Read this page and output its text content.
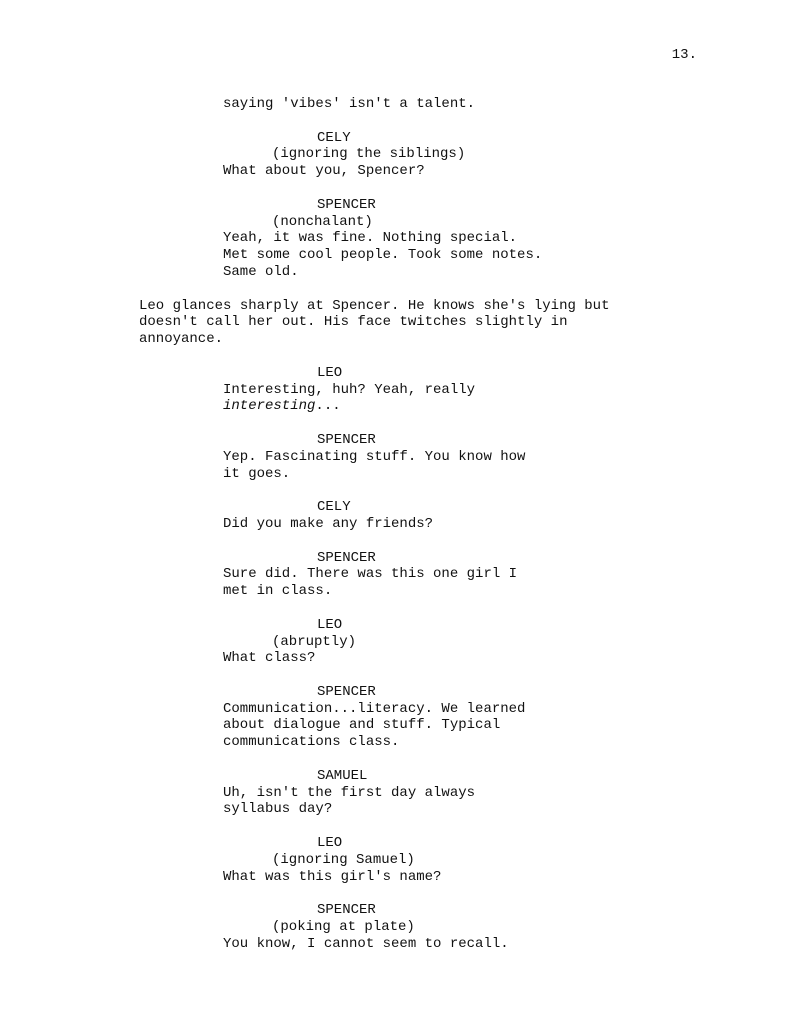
13.

saying 'vibes' isn't a talent.
CELY
(ignoring the siblings)
What about you, Spencer?
SPENCER
(nonchalant)
Yeah, it was fine. Nothing special.
Met some cool people. Took some notes.
Same old.
Leo glances sharply at Spencer. He knows she's lying but
doesn't call her out. His face twitches slightly in
annoyance.
LEO
Interesting, huh? Yeah, really
interesting...
SPENCER
Yep. Fascinating stuff. You know how
it goes.
CELY
Did you make any friends?
SPENCER
Sure did. There was this one girl I
met in class.
LEO
(abruptly)
What class?
SPENCER
Communication...literacy. We learned
about dialogue and stuff. Typical
communications class.
SAMUEL
Uh, isn't the first day always
syllabus day?
LEO
(ignoring Samuel)
What was this girl's name?
SPENCER
(poking at plate)
You know, I cannot seem to recall.
